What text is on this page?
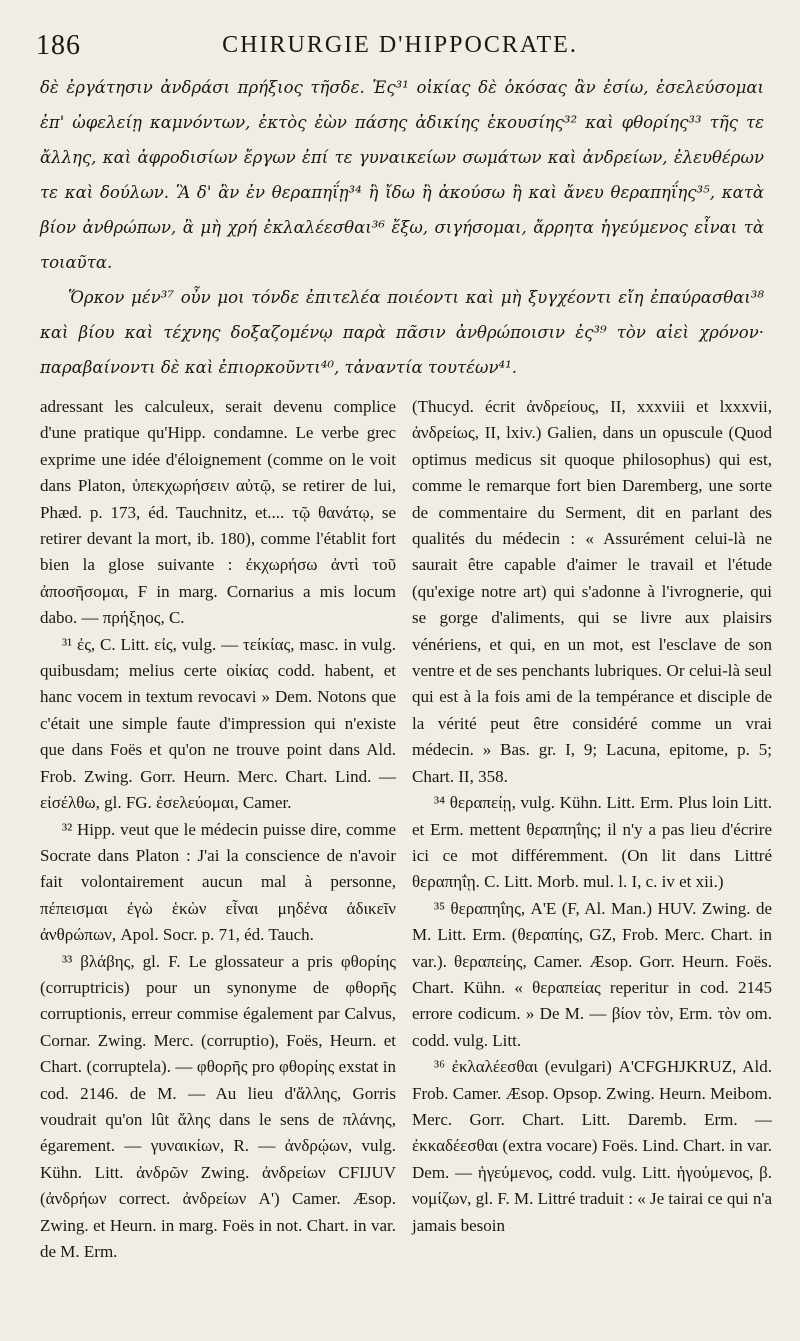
186	CHIRURGIE D'HIPPOCRATE.

δὲ ἐργάτησιν ἀνδράσι πρήξιος τῆσδε. Ἐς³¹ οἰκίας δὲ ὁκόσας ἂν ἐσίω, ἐσελεύσομαι ἐπ' ὠφελείῃ καμνόντων, ἐκτὸς ἐὼν πάσης ἀδικίης ἑκουσίης³² καὶ φθορίης³³ τῆς τε ἄλλης, καὶ ἀφροδισίων ἔργων ἐπί τε γυναικείων σωμάτων καὶ ἀνδρείων, ἐλευθέρων τε καὶ δούλων. Ἃ δ' ἂν ἐν θεραπηΐῃ³⁴ ἢ ἴδω ἢ ἀκούσω ἢ καὶ ἄνευ θεραπηΐης³⁵, κατὰ βίον ἀνθρώπων, ἃ μὴ χρή ἐκλαλέεσθαι³⁶ ἔξω, σιγήσομαι, ἄρρητα ἡγεύμενος εἶναι τὰ τοιαῦτα.

Ὅρκον μέν³⁷ οὖν μοι τόνδε ἐπιτελέα ποιέοντι καὶ μὴ ξυγχέοντι εἴη ἐπαύρασθαι³⁸ καὶ βίου καὶ τέχνης δοξαζομένῳ παρὰ πᾶσιν ἀνθρώποισιν ἐς³⁹ τὸν αἰεὶ χρόνον· παραβαίνοντι δὲ καὶ ἐπιορκοῦντι⁴⁰, τἀναντία τουτέων⁴¹.

adressant les calculeux, serait devenu complice d'une pratique qu'Hipp. condamne. Le verbe grec exprime une idée d'éloignement (comme on le voit dans Platon, ὑπεκχωρήσειν αὐτῷ, se retirer de lui, Phæd. p. 173, éd. Tauchnitz, et.... τῷ θανάτῳ, se retirer devant la mort, ib. 180), comme l'établit fort bien la glose suivante : ἐκχωρήσω ἀντὶ τοῦ ἀποσῆσομαι, F in marg. Cornarius a mis locum dabo. — πρήξηος, C.

³¹ ἐς, C. Litt. εἰς, vulg. — τείκίας, masc. in vulg. quibusdam; melius certe οἰκίας codd. habent, et hanc vocem in textum revocavi » Dem. Notons que c'était une simple faute d'impression qui n'existe que dans Foës et qu'on ne trouve point dans Ald. Frob. Zwing. Gorr. Heurn. Merc. Chart. Lind. — εἰσέλθω, gl. FG. ἐσελεύομαι, Camer.

³² Hipp. veut que le médecin puisse dire, comme Socrate dans Platon : J'ai la conscience de n'avoir fait volontairement aucun mal à personne, πέπεισμαι ἐγὼ ἑκὼν εἶναι μηδένα ἀδικεῖν ἀνθρώπων, Apol. Socr. p. 71, éd. Tauch.

³³ βλάβης, gl. F. Le glossateur a pris φθορίης (corruptricis) pour un synonyme de φθορῆς corruptionis, erreur commise également par Calvus, Cornar. Zwing. Merc. (corruptio), Foës, Heurn. et Chart. (corruptela). — φθορῆς pro φθορίης exstat in cod. 2146. de M. — Au lieu d'ἄλλης, Gorris voudrait qu'on lût ἄλης dans le sens de πλάνης, égarement. — γυναικίων, R. — ἀνδρῴων, vulg. Kühn. Litt. ἀνδρῶν Zwing. ἀνδρείων CFIJUV (ἀνδρήων correct. ἀνδρείων A') Camer. Æsop. Zwing. et Heurn. in marg. Foës in not. Chart. in var. de M. Erm.

(Thucyd. écrit ἀνδρείους, II, xxxviii et lxxxvii, ἀνδρείως, II, lxiv.) Galien, dans un opuscule (Quod optimus medicus sit quoque philosophus) qui est, comme le remarque fort bien Daremberg, une sorte de commentaire du Serment, dit en parlant des qualités du médecin : « Assurément celui-là ne saurait être capable d'aimer le travail et l'étude (qu'exige notre art) qui s'adonne à l'ivrognerie, qui se gorge d'aliments, qui se livre aux plaisirs vénériens, et qui, en un mot, est l'esclave de son ventre et de ses penchants lubriques. Or celui-là seul qui est à la fois ami de la tempérance et disciple de la vérité peut être considéré comme un vrai médecin. » Bas. gr. I, 9; Lacuna, epitome, p. 5; Chart. II, 358.

³⁴ θεραπείῃ, vulg. Kühn. Litt. Erm. Plus loin Litt. et Erm. mettent θεραπηΐης; il n'y a pas lieu d'écrire ici ce mot différemment. (On lit dans Littré θεραπηΐῃ. C. Litt. Morb. mul. l. I, c. iv et xii.)

³⁵ θεραπηΐης, A'E (F, Al. Man.) HUV. Zwing. de M. Litt. Erm. (θεραπίης, GZ, Frob. Merc. Chart. in var.). θεραπείης, Camer. Æsop. Gorr. Heurn. Foës. Chart. Kühn. « θεραπείας reperitur in cod. 2145 errore codicum. » De M. — βίον τὸν, Erm. τὸν om. codd. vulg. Litt.

³⁶ ἐκλαλέεσθαι (evulgari) A'CFGHJKRUZ, Ald. Frob. Camer. Æsop. Opsop. Zwing. Heurn. Meibom. Merc. Gorr. Chart. Litt. Daremb. Erm. — ἐκκαδέεσθαι (extra vocare) Foës. Lind. Chart. in var. Dem. — ἡγεύμενος, codd. vulg. Litt. ἡγούμενος, β. νομίζων, gl. F. M. Littré traduit : « Je tairai ce qui n'a jamais besoin
